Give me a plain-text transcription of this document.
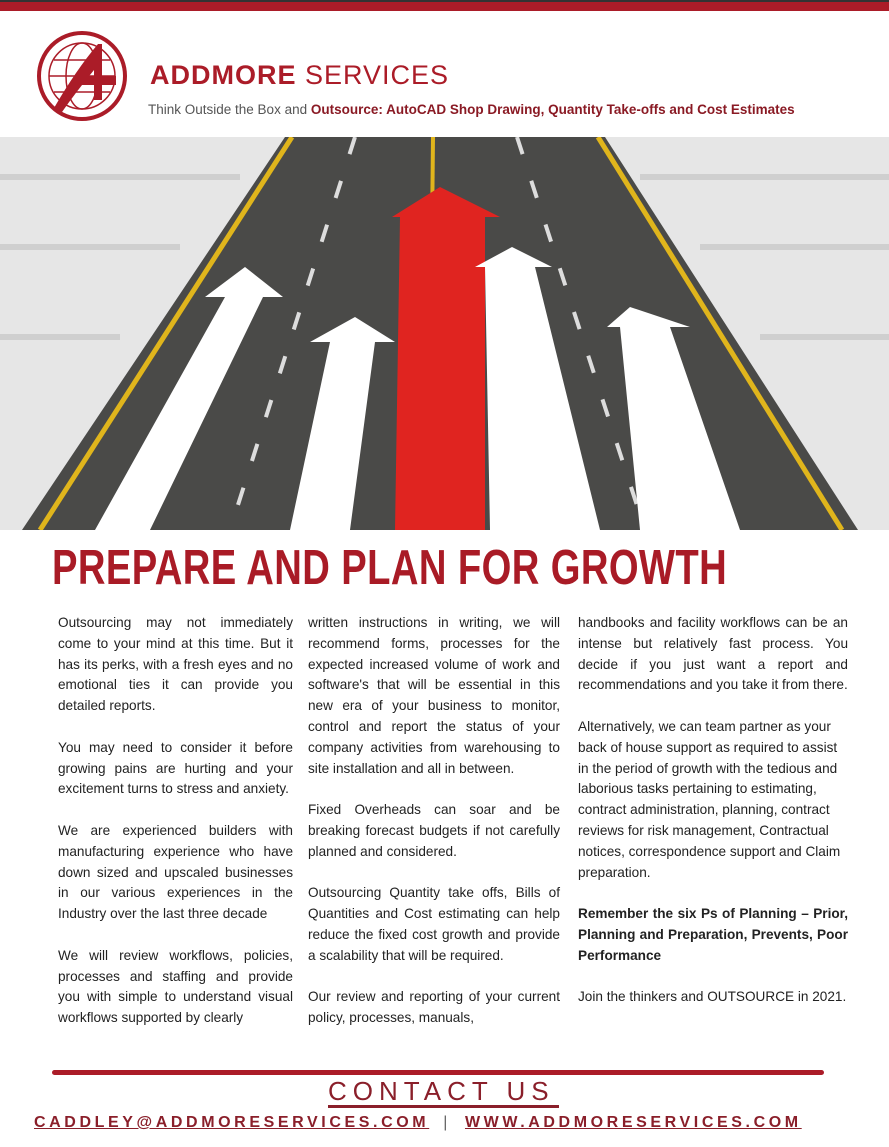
ADDMORE SERVICES
Think Outside the Box and Outsource: AutoCAD Shop Drawing, Quantity Take-offs and Cost Estimates
PREPARE AND PLAN FOR GROWTH

Outsourcing may not immediately come to your mind at this time. But it has its perks, with a fresh eyes and no emotional ties it can provide you detailed reports.

You may need to consider it before growing pains are hurting and your excitement turns to stress and anxiety.

We are experienced builders with manufacturing experience who have down sized and upscaled businesses in our various experiences in the Industry over the last three decade

We will review workflows, policies, processes and staffing and provide you with simple to understand visual workflows supported by clearly

written instructions in writing, we will recommend forms, processes for the expected increased volume of work and software's that will be essential in this new era of your business to monitor, control and report the status of your company activities from warehousing to site installation and all in between.

Fixed Overheads can soar and be breaking forecast budgets if not carefully planned and considered.

Outsourcing Quantity take offs, Bills of Quantities and Cost estimating can help reduce the fixed cost growth and provide a scalability that will be required.

Our review and reporting of your current policy, processes, manuals,

handbooks and facility workflows can be an intense but relatively fast process. You decide if you just want a report and recommendations and you take it from there.

Alternatively, we can team partner as your back of house support as required to assist in the period of growth with the tedious and laborious tasks pertaining to estimating, contract administration, planning, contract reviews for risk management, Contractual notices, correspondence support and Claim preparation.

Remember the six Ps of Planning – Prior, Planning and Preparation, Prevents, Poor Performance

Join the thinkers and OUTSOURCE in 2021.

CONTACT US
CADDLEY@ADDMORESERVICES.COM | WWW.ADDMORESERVICES.COM
